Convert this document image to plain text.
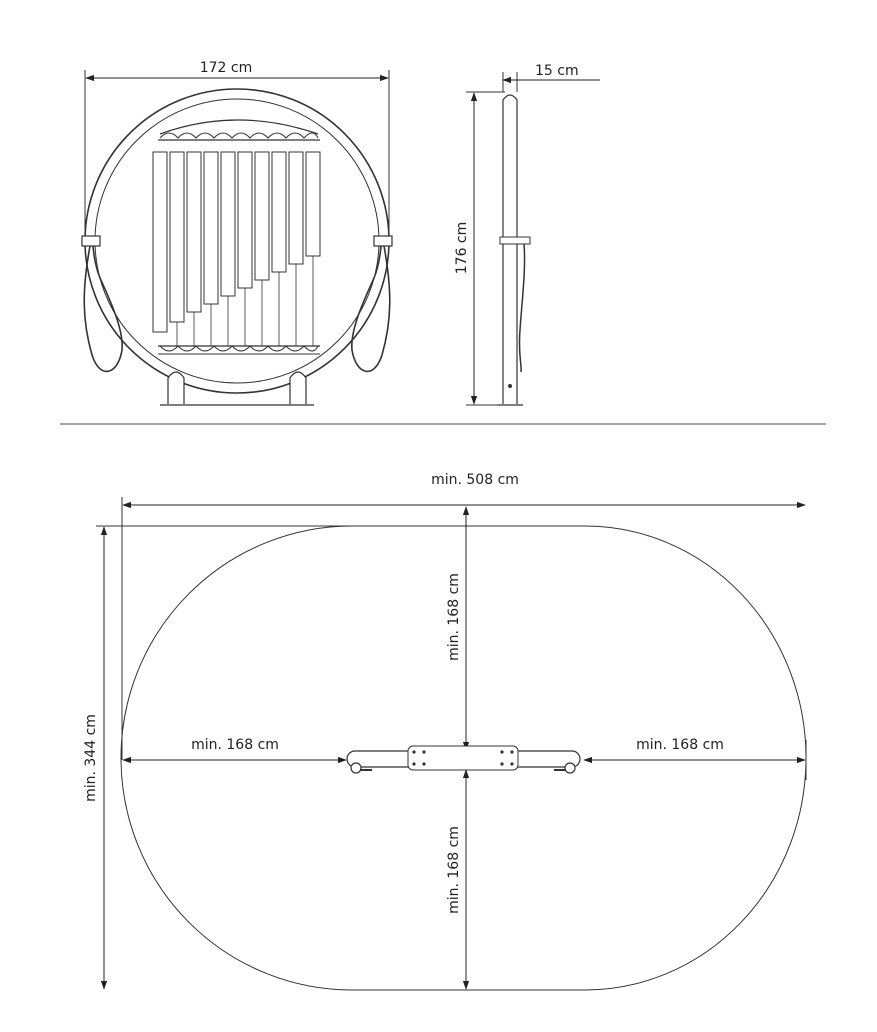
172 cm	15 cm
176 cm
min. 508 cm
min. 344 cm
min. 168 cm
min. 168 cm
min. 168 cm	min. 168 cm
